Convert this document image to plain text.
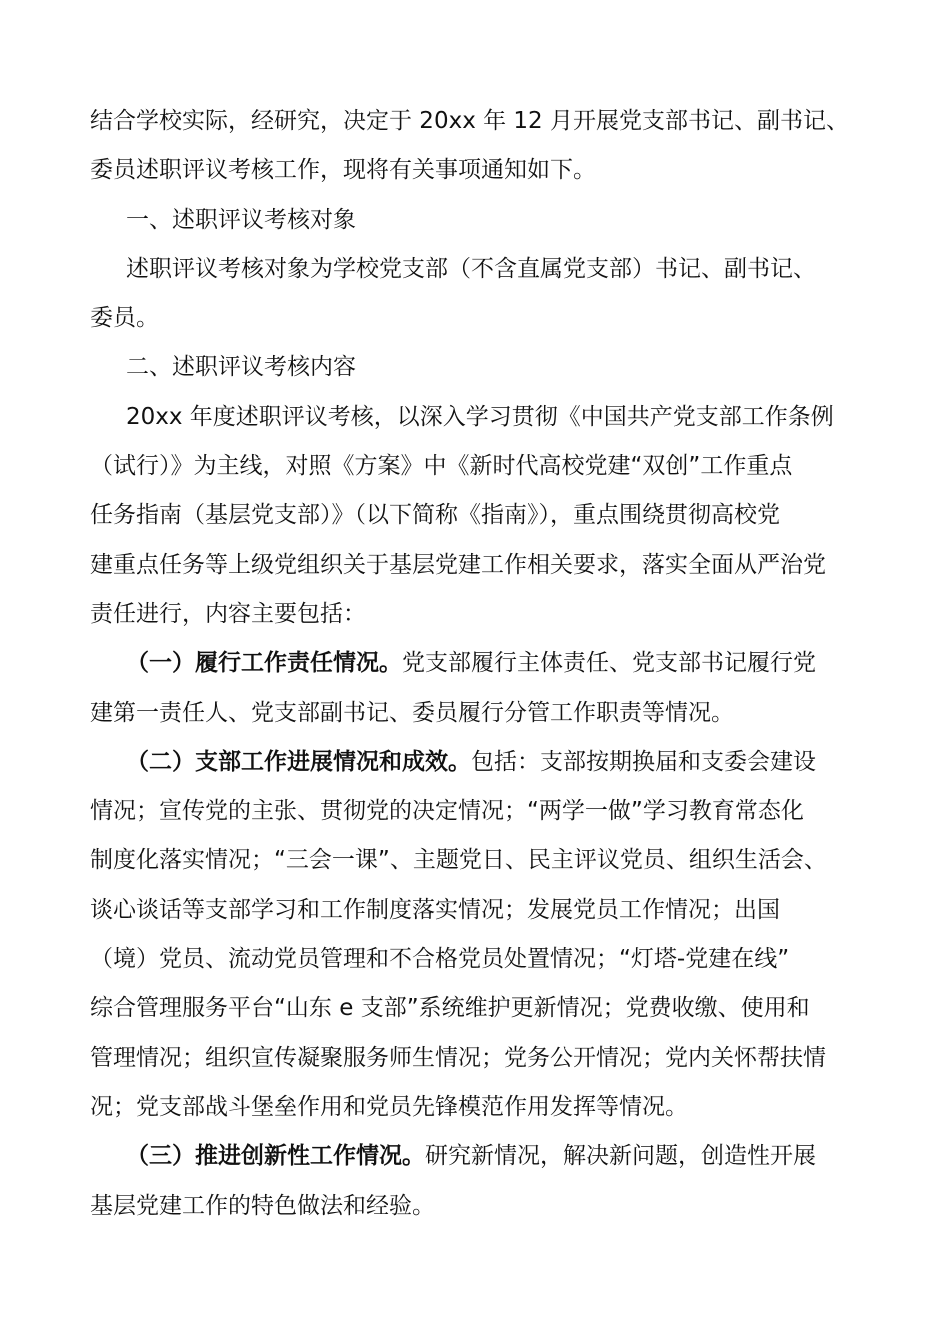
结合学校实际，经研究，决定于 20xx 年 12 月开展党支部书记、副书记、
委员述职评议考核工作，现将有关事项通知如下。
一、述职评议考核对象
述职评议考核对象为学校党支部（不含直属党支部）书记、副书记、
委员。
二、述职评议考核内容
20xx 年度述职评议考核，以深入学习贯彻《中国共产党支部工作条例
（试行）》为主线，对照《方案》中《新时代高校党建“双创”工作重点
任务指南（基层党支部）》（以下简称《指南》），重点围绕贯彻高校党
建重点任务等上级党组织关于基层党建工作相关要求，落实全面从严治党
责任进行，内容主要包括：
（一）履行工作责任情况。党支部履行主体责任、党支部书记履行党
建第一责任人、党支部副书记、委员履行分管工作职责等情况。
（二）支部工作进展情况和成效。包括：支部按期换届和支委会建设
情况；宣传党的主张、贯彻党的决定情况；“两学一做”学习教育常态化
制度化落实情况；“三会一课”、主题党日、民主评议党员、组织生活会、
谈心谈话等支部学习和工作制度落实情况；发展党员工作情况；出国
（境）党员、流动党员管理和不合格党员处置情况；“灯塔-党建在线”
综合管理服务平台“山东 e 支部”系统维护更新情况；党费收缴、使用和
管理情况；组织宣传凝聚服务师生情况；党务公开情况；党内关怀帮扶情
况；党支部战斗堡垒作用和党员先锋模范作用发挥等情况。
（三）推进创新性工作情况。研究新情况，解决新问题，创造性开展
基层党建工作的特色做法和经验。
